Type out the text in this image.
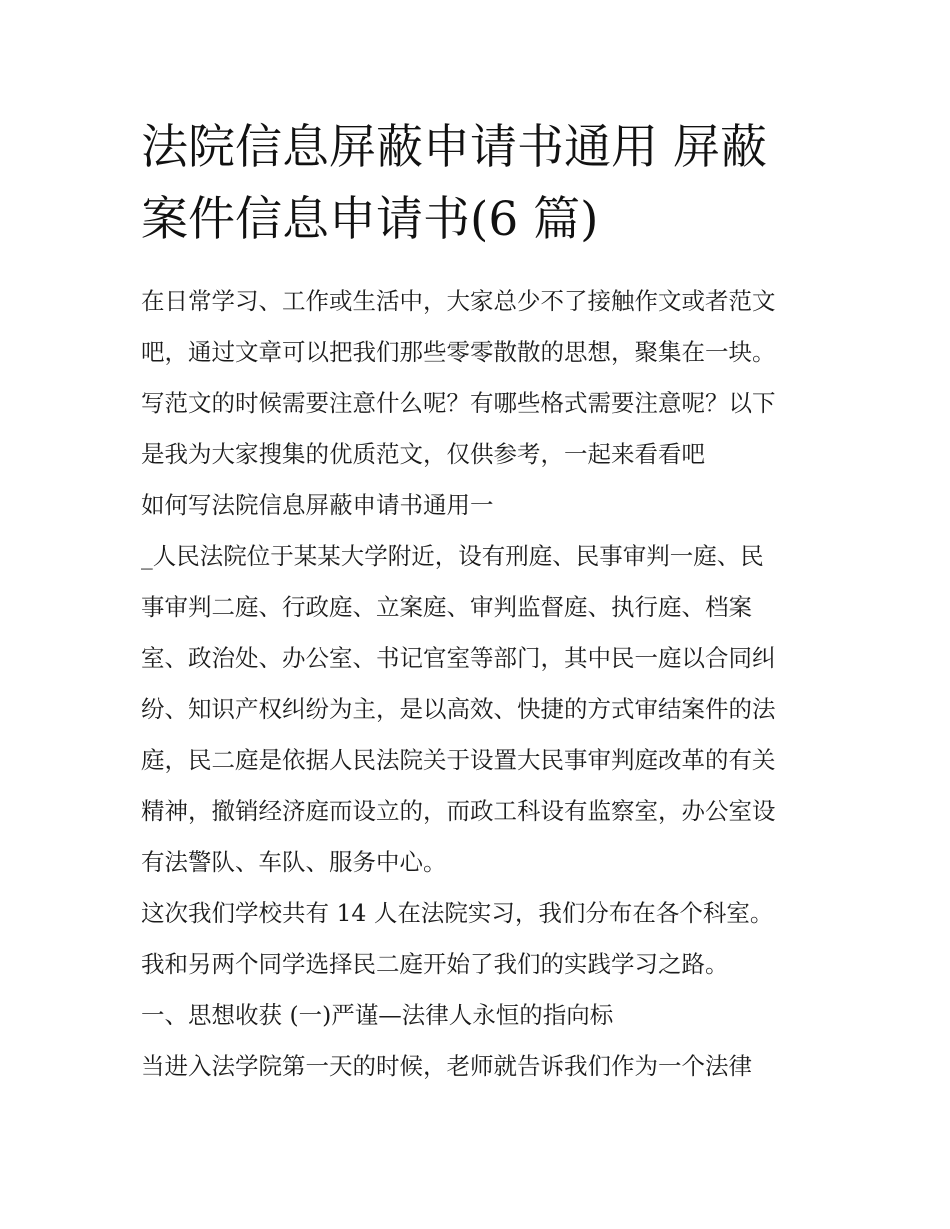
法院信息屏蔽申请书通用 屏蔽
案件信息申请书(6 篇)
在日常学习、工作或生活中，大家总少不了接触作文或者范文
吧，通过文章可以把我们那些零零散散的思想，聚集在一块。
写范文的时候需要注意什么呢？有哪些格式需要注意呢？以下
是我为大家搜集的优质范文，仅供参考，一起来看看吧
如何写法院信息屏蔽申请书通用一
_人民法院位于某某大学附近，设有刑庭、民事审判一庭、民
事审判二庭、行政庭、立案庭、审判监督庭、执行庭、档案
室、政治处、办公室、书记官室等部门，其中民一庭以合同纠
纷、知识产权纠纷为主，是以高效、快捷的方式审结案件的法
庭，民二庭是依据人民法院关于设置大民事审判庭改革的有关
精神，撤销经济庭而设立的，而政工科设有监察室，办公室设
有法警队、车队、服务中心。
这次我们学校共有 14 人在法院实习，我们分布在各个科室。
我和另两个同学选择民二庭开始了我们的实践学习之路。
一、思想收获 (一)严谨—法律人永恒的指向标
当进入法学院第一天的时候，老师就告诉我们作为一个法律
